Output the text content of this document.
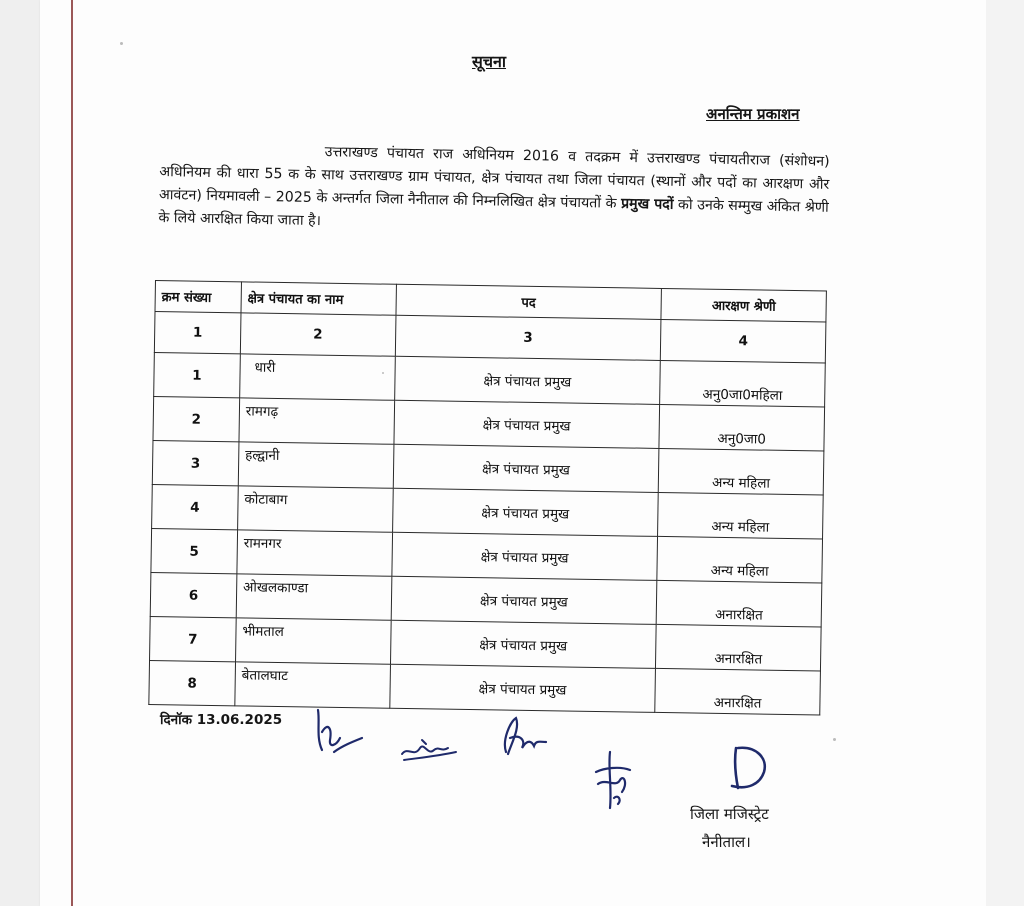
सूचना
अनन्तिम प्रकाशन
उत्तराखण्ड पंचायत राज अधिनियम 2016 व तदक्रम में उत्तराखण्ड पंचायतीराज (संशोधन) अधिनियम की धारा 55 क के साथ उत्तराखण्ड ग्राम पंचायत, क्षेत्र पंचायत तथा जिला पंचायत (स्थानों और पदों का आरक्षण और आवंटन) नियमावली – 2025 के अन्तर्गत जिला नैनीताल की निम्नलिखित क्षेत्र पंचायतों के प्रमुख पदों को उनके सम्मुख अंकित श्रेणी के लिये आरक्षित किया जाता है।
क्रम संख्या	क्षेत्र पंचायत का नाम	पद	आरक्षण श्रेणी
1	2	3	4
1	धारी	क्षेत्र पंचायत प्रमुख	अनु0जा0महिला
2	रामगढ़	क्षेत्र पंचायत प्रमुख	अनु0जा0
3	हल्द्वानी	क्षेत्र पंचायत प्रमुख	अन्य महिला
4	कोटाबाग	क्षेत्र पंचायत प्रमुख	अन्य महिला
5	रामनगर	क्षेत्र पंचायत प्रमुख	अन्य महिला
6	ओखलकाण्डा	क्षेत्र पंचायत प्रमुख	अनारक्षित
7	भीमताल	क्षेत्र पंचायत प्रमुख	अनारक्षित
8	बेतालघाट	क्षेत्र पंचायत प्रमुख	अनारक्षित
दिनॉक 13.06.2025
जिला मजिस्ट्रेट
नैनीताल।
